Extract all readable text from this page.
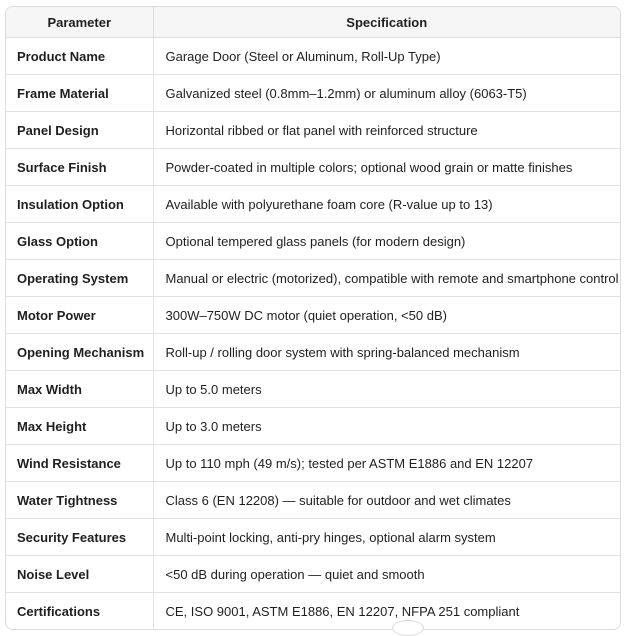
Parameter	Specification
Product Name	Garage Door (Steel or Aluminum, Roll-Up Type)
Frame Material	Galvanized steel (0.8mm–1.2mm) or aluminum alloy (6063-T5)
Panel Design	Horizontal ribbed or flat panel with reinforced structure
Surface Finish	Powder-coated in multiple colors; optional wood grain or matte finishes
Insulation Option	Available with polyurethane foam core (R-value up to 13)
Glass Option	Optional tempered glass panels (for modern design)
Operating System	Manual or electric (motorized), compatible with remote and smartphone control
Motor Power	300W–750W DC motor (quiet operation, <50 dB)
Opening Mechanism	Roll-up / rolling door system with spring-balanced mechanism
Max Width	Up to 5.0 meters
Max Height	Up to 3.0 meters
Wind Resistance	Up to 110 mph (49 m/s); tested per ASTM E1886 and EN 12207
Water Tightness	Class 6 (EN 12208) — suitable for outdoor and wet climates
Security Features	Multi-point locking, anti-pry hinges, optional alarm system
Noise Level	<50 dB during operation — quiet and smooth
Certifications	CE, ISO 9001, ASTM E1886, EN 12207, NFPA 251 compliant
